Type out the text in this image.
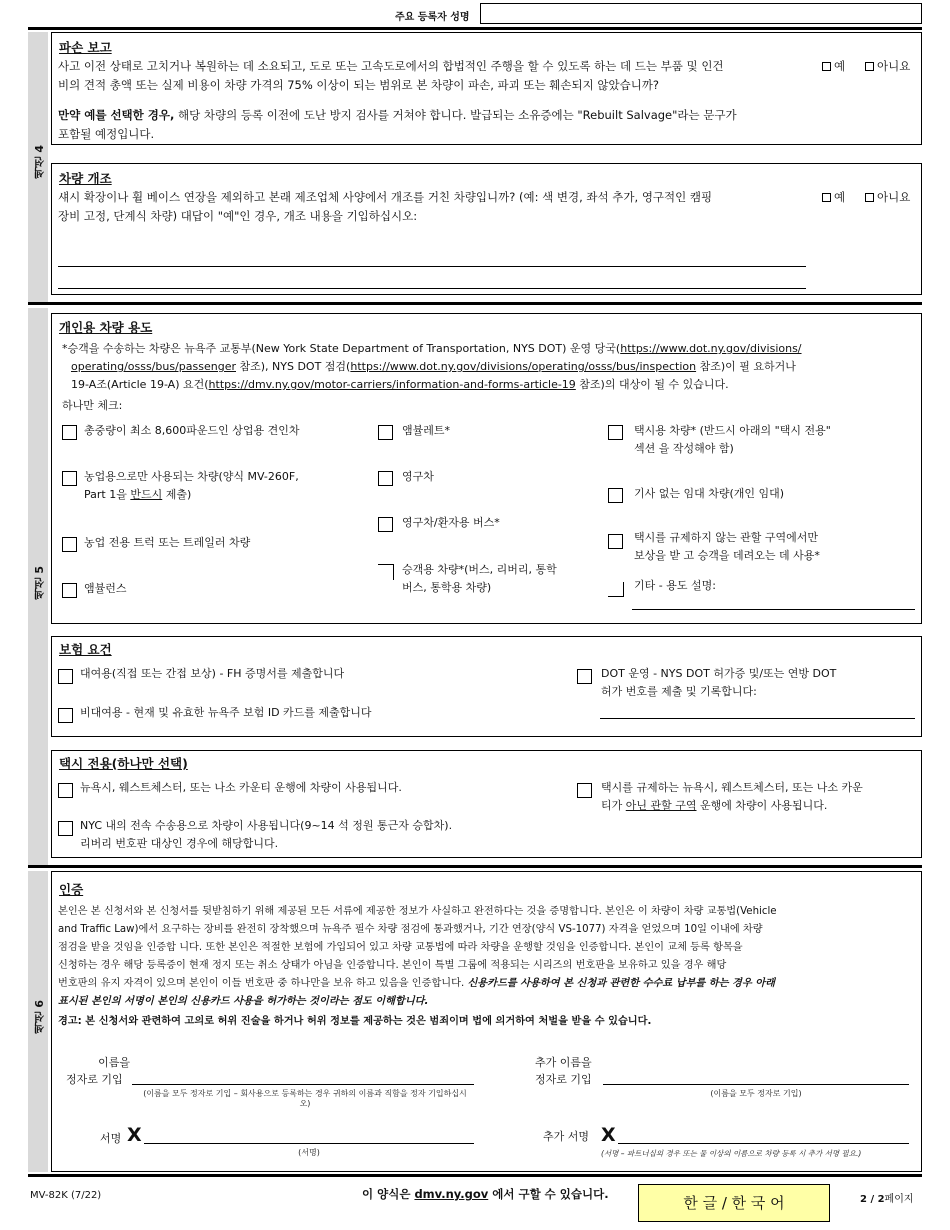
주요 등록자 성명
섹션 4
파손 보고
사고 이전 상태로 고치거나 복원하는 데 소요되고, 도로 또는 고속도로에서의 합법적인 주행을 할 수 있도록 하는 데 드는 부품 및 인건
비의 견적 총액 또는 실제 비용이 차량 가격의 75% 이상이 되는 범위로 본 차량이 파손, 파괴 또는 훼손되지 않았습니까?
예	아니요
만약 예를 선택한 경우, 해당 차량의 등록 이전에 도난 방지 검사를 거쳐야 합니다. 발급되는 소유증에는 "Rebuilt Salvage"라는 문구가
포함될 예정입니다.
차량 개조
섀시 확장이나 휠 베이스 연장을 제외하고 본래 제조업체 사양에서 개조를 거친 차량입니까? (예: 색 변경, 좌석 추가, 영구적인 캠핑
장비 고정, 단계식 차량) 대답이 "예"인 경우, 개조 내용을 기입하십시오:
예	아니요
섹션 5
개인용 차량 용도
*승객을 수송하는 차량은 뉴욕주 교통부(New York State Department of Transportation, NYS DOT) 운영 당국(https://www.dot.ny.gov/divisions/
operating/osss/bus/passenger 참조), NYS DOT 점검(https://www.dot.ny.gov/divisions/operating/osss/bus/inspection 참조)이 필 요하거나
19-A조(Article 19-A) 요건(https://dmv.ny.gov/motor-carriers/information-and-forms-article-19 참조)의 대상이 될 수 있습니다.
하나만 체크:
총중량이 최소 8,600파운드인 상업용 견인차
농업용으로만 사용되는 차량(양식 MV-260F,
Part 1을 반드시 제출)
농업 전용 트럭 또는 트레일러 차량
앰뷸런스
앰뷸레트*
영구차
영구차/환자용 버스*
승객용 차량*(버스, 리버리, 통학
버스, 통학용 차량)
택시용 차량* (반드시 아래의 "택시 전용"
섹션 을 작성해야 함)
기사 없는 임대 차량(개인 임대)
택시를 규제하지 않는 관할 구역에서만
보상을 받 고 승객을 데려오는 데 사용*
기타 - 용도 설명:
보험 요건
대여용(직접 또는 간접 보상) - FH 증명서를 제출합니다
비대여용 - 현재 및 유효한 뉴욕주 보험 ID 카드를 제출합니다
DOT 운영 - NYS DOT 허가증 및/또는 연방 DOT
허가 번호를 제출 및 기록합니다:
택시 전용(하나만 선택)
뉴욕시, 웨스트체스터, 또는 나소 카운티 운행에 차량이 사용됩니다.	택시를 규제하는 뉴욕시, 웨스트체스터, 또는 나소 카운
티가 아닌 관할 구역 운행에 차량이 사용됩니다.
NYC 내의 전속 수송용으로 차량이 사용됩니다(9~14 석 정원 통근자 승합차).
리버리 번호판 대상인 경우에 해당합니다.
섹션 6
인증
본인은 본 신청서와 본 신청서를 뒷받침하기 위해 제공된 모든 서류에 제공한 정보가 사실하고 완전하다는 것을 증명합니다. 본인은 이 차량이 차량 교통법(Vehicle
and Traffic Law)에서 요구하는 장비를 완전히 장착했으며 뉴욕주 필수 차량 점검에 통과했거나, 기간 연장(양식 VS-1077) 자격을 얻었으며 10일 이내에 차량
점검을 받을 것임을 인증합 니다. 또한 본인은 적절한 보험에 가입되어 있고 차량 교통법에 따라 차량을 운행할 것임을 인증합니다. 본인이 교체 등록 항목을
신청하는 경우 해당 등록증이 현재 정지 또는 취소 상태가 아님을 인증합니다. 본인이 특별 그룹에 적용되는 시리즈의 번호판을 보유하고 있을 경우 해당
번호판의 유지 자격이 있으며 본인이 이들 번호판 중 하나만을 보유 하고 있음을 인증합니다. 신용카드를 사용하여 본 신청과 관련한 수수료 납부를 하는 경우 아래
표시된 본인의 서명이 본인의 신용카드 사용을 허가하는 것이라는 점도 이해합니다.
경고: 본 신청서와 관련하여 고의로 허위 진술을 하거나 허위 정보를 제공하는 것은 범죄이며 법에 의거하여 처벌을 받을 수 있습니다.
이름을
정자로 기입
(이름을 모두 정자로 기입 – 회사용으로 등록하는 경우 귀하의 이름과 직함을 정자 기입하십시오)
추가 이름을
정자로 기입
(이름을 모두 정자로 기입)
서명 X
(서명)
추가 서명 X
(서명 – 파트너십의 경우 또는 둘 이상의 이름으로 차량 등록 시 추가 서명 필요.)
MV-82K (7/22)	이 양식은 dmv.ny.gov 에서 구할 수 있습니다.	한 글 / 한 국 어	2 / 2페이지
